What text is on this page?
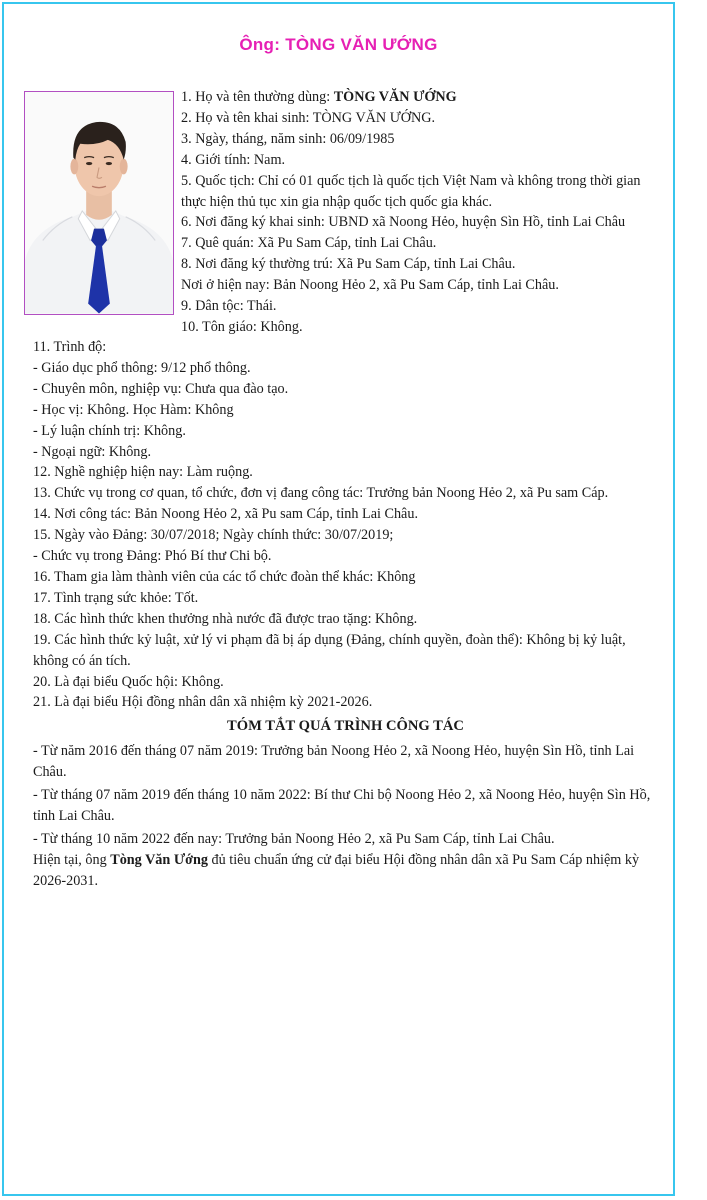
Ông: TÒNG VĂN ƯỚNG
1. Họ và tên thường dùng: TÒNG VĂN ƯỚNG
2. Họ và tên khai sinh: TÒNG VĂN ƯỚNG.
3. Ngày, tháng, năm sinh: 06/09/1985
4. Giới tính: Nam.
5. Quốc tịch: Chỉ có 01 quốc tịch là quốc tịch Việt Nam và không trong thời gian thực hiện thủ tục xin gia nhập quốc tịch quốc gia khác.
6. Nơi đăng ký khai sinh: UBND xã Noong Hẻo, huyện Sìn Hồ, tỉnh Lai Châu
7. Quê quán: Xã Pu Sam Cáp, tỉnh Lai Châu.
8. Nơi đăng ký thường trú: Xã Pu Sam Cáp, tỉnh Lai Châu.
Nơi ở hiện nay: Bản Noong Hẻo 2, xã Pu Sam Cáp, tỉnh Lai Châu.
9. Dân tộc: Thái.
10. Tôn giáo: Không.
11. Trình độ:
- Giáo dục phổ thông: 9/12 phổ thông.
- Chuyên môn, nghiệp vụ: Chưa qua đào tạo.
- Học vị: Không. Học Hàm: Không
- Lý luận chính trị: Không.
- Ngoại ngữ: Không.
12. Nghề nghiệp hiện nay: Làm ruộng.
13. Chức vụ trong cơ quan, tổ chức, đơn vị đang công tác: Trưởng bản Noong Hẻo 2, xã Pu sam Cáp.
14. Nơi công tác: Bản Noong Hẻo 2, xã Pu sam Cáp, tỉnh Lai Châu.
15. Ngày vào Đảng: 30/07/2018; Ngày chính thức: 30/07/2019;
- Chức vụ trong Đảng: Phó Bí thư Chi bộ.
16. Tham gia làm thành viên của các tổ chức đoàn thể khác: Không
17. Tình trạng sức khỏe: Tốt.
18. Các hình thức khen thưởng nhà nước đã được trao tặng: Không.
19. Các hình thức kỷ luật, xử lý vi phạm đã bị áp dụng (Đảng, chính quyền, đoàn thể): Không bị kỷ luật, không có án tích.
20. Là đại biểu Quốc hội: Không.
21. Là đại biểu Hội đồng nhân dân xã nhiệm kỳ 2021-2026.
TÓM TẮT QUÁ TRÌNH CÔNG TÁC
- Từ năm 2016 đến tháng 07 năm 2019: Trưởng bản Noong Hẻo 2, xã Noong Hẻo, huyện Sìn Hồ, tỉnh Lai Châu.
- Từ tháng 07 năm 2019 đến tháng 10 năm 2022: Bí thư Chi bộ Noong Hẻo 2, xã Noong Hẻo, huyện Sìn Hồ, tỉnh Lai Châu.
- Từ tháng 10 năm 2022 đến nay: Trưởng bản Noong Hẻo 2, xã Pu Sam Cáp, tỉnh Lai Châu.
Hiện tại, ông Tòng Văn Ướng đủ tiêu chuẩn ứng cử đại biểu Hội đồng nhân dân xã Pu Sam Cáp nhiệm kỳ 2026-2031.
